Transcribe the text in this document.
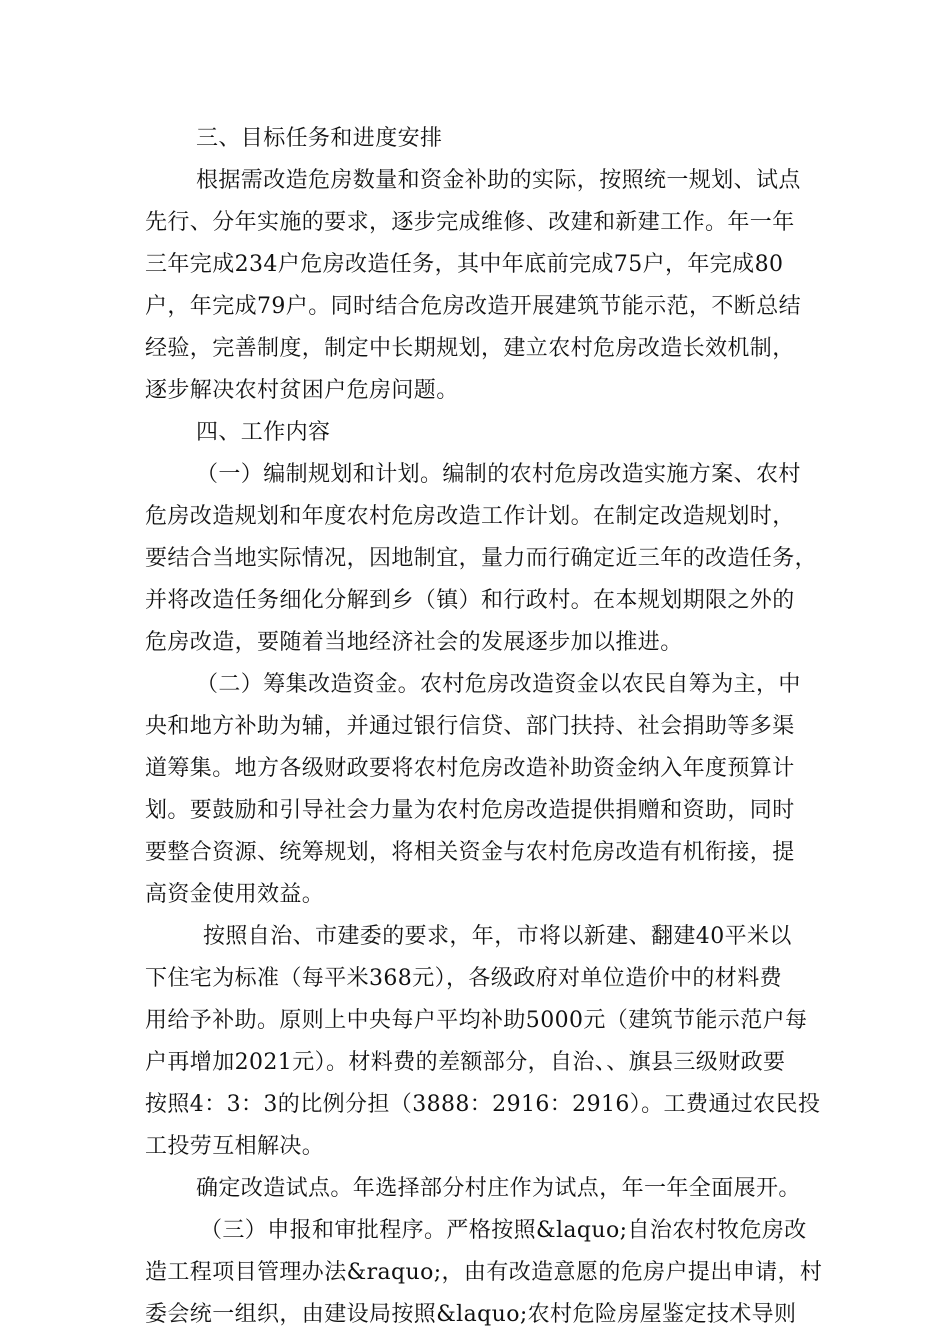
三、目标任务和进度安排
根据需改造危房数量和资金补助的实际，按照统一规划、试点
先行、分年实施的要求，逐步完成维修、改建和新建工作。年一年
三年完成234户危房改造任务，其中年底前完成75户，年完成80
户，年完成79户。同时结合危房改造开展建筑节能示范，不断总结
经验，完善制度，制定中长期规划，建立农村危房改造长效机制，
逐步解决农村贫困户危房问题。
四、工作内容
（一）编制规划和计划。编制的农村危房改造实施方案、农村
危房改造规划和年度农村危房改造工作计划。在制定改造规划时，
要结合当地实际情况，因地制宜，量力而行确定近三年的改造任务，
并将改造任务细化分解到乡（镇）和行政村。在本规划期限之外的
危房改造，要随着当地经济社会的发展逐步加以推进。
（二）筹集改造资金。农村危房改造资金以农民自筹为主，中
央和地方补助为辅，并通过银行信贷、部门扶持、社会捐助等多渠
道筹集。地方各级财政要将农村危房改造补助资金纳入年度预算计
划。要鼓励和引导社会力量为农村危房改造提供捐赠和资助，同时
要整合资源、统筹规划，将相关资金与农村危房改造有机衔接，提
高资金使用效益。
按照自治、市建委的要求，年，市将以新建、翻建40平米以
下住宅为标准（每平米368元），各级政府对单位造价中的材料费
用给予补助。原则上中央每户平均补助5000元（建筑节能示范户每
户再增加2021元）。材料费的差额部分，自治、、旗县三级财政要
按照4：3：3的比例分担（3888：2916：2916）。工费通过农民投
工投劳互相解决。
确定改造试点。年选择部分村庄作为试点，年一年全面展开。
（三）申报和审批程序。严格按照&laquo;自治农村牧危房改
造工程项目管理办法&raquo;，由有改造意愿的危房户提出申请，村
委会统一组织，由建设局按照&laquo;农村危险房屋鉴定技术导则
